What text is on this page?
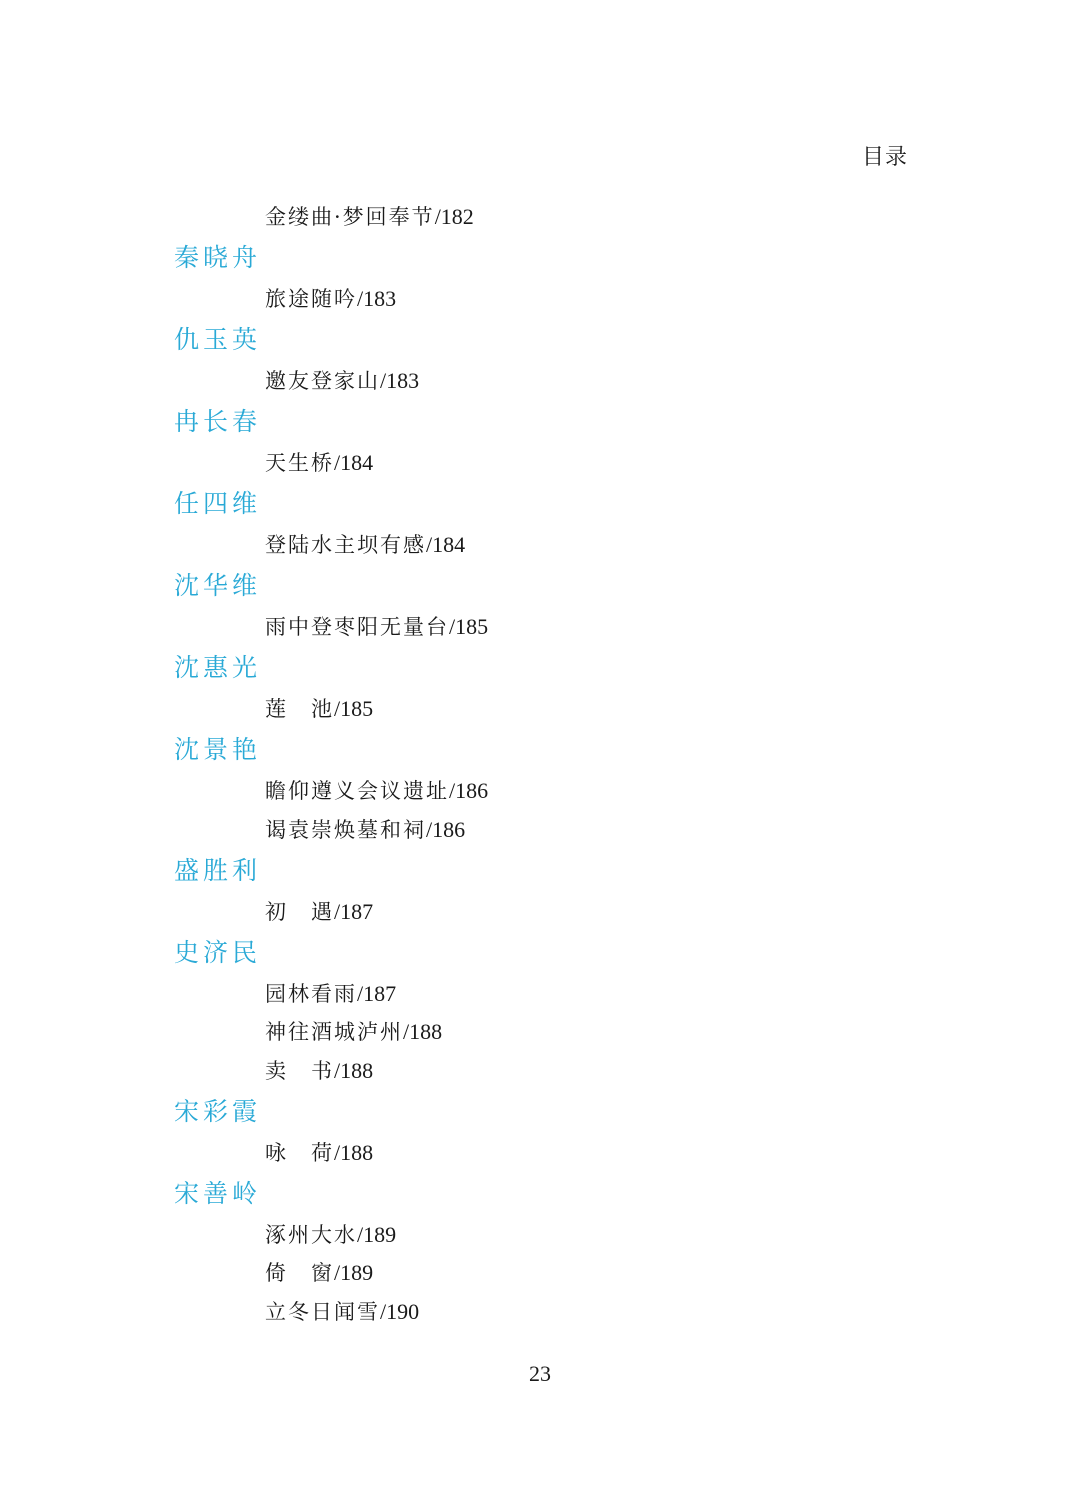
目录
金缕曲·梦回奉节/182
秦晓舟
旅途随吟/183
仇玉英
邀友登家山/183
冉长春
天生桥/184
任四维
登陆水主坝有感/184
沈华维
雨中登枣阳无量台/185
沈惠光
莲　池/185
沈景艳
瞻仰遵义会议遗址/186
谒袁崇焕墓和祠/186
盛胜利
初　遇/187
史济民
园林看雨/187
神往酒城泸州/188
卖　书/188
宋彩霞
咏　荷/188
宋善岭
涿州大水/189
倚　窗/189
立冬日闻雪/190
23
